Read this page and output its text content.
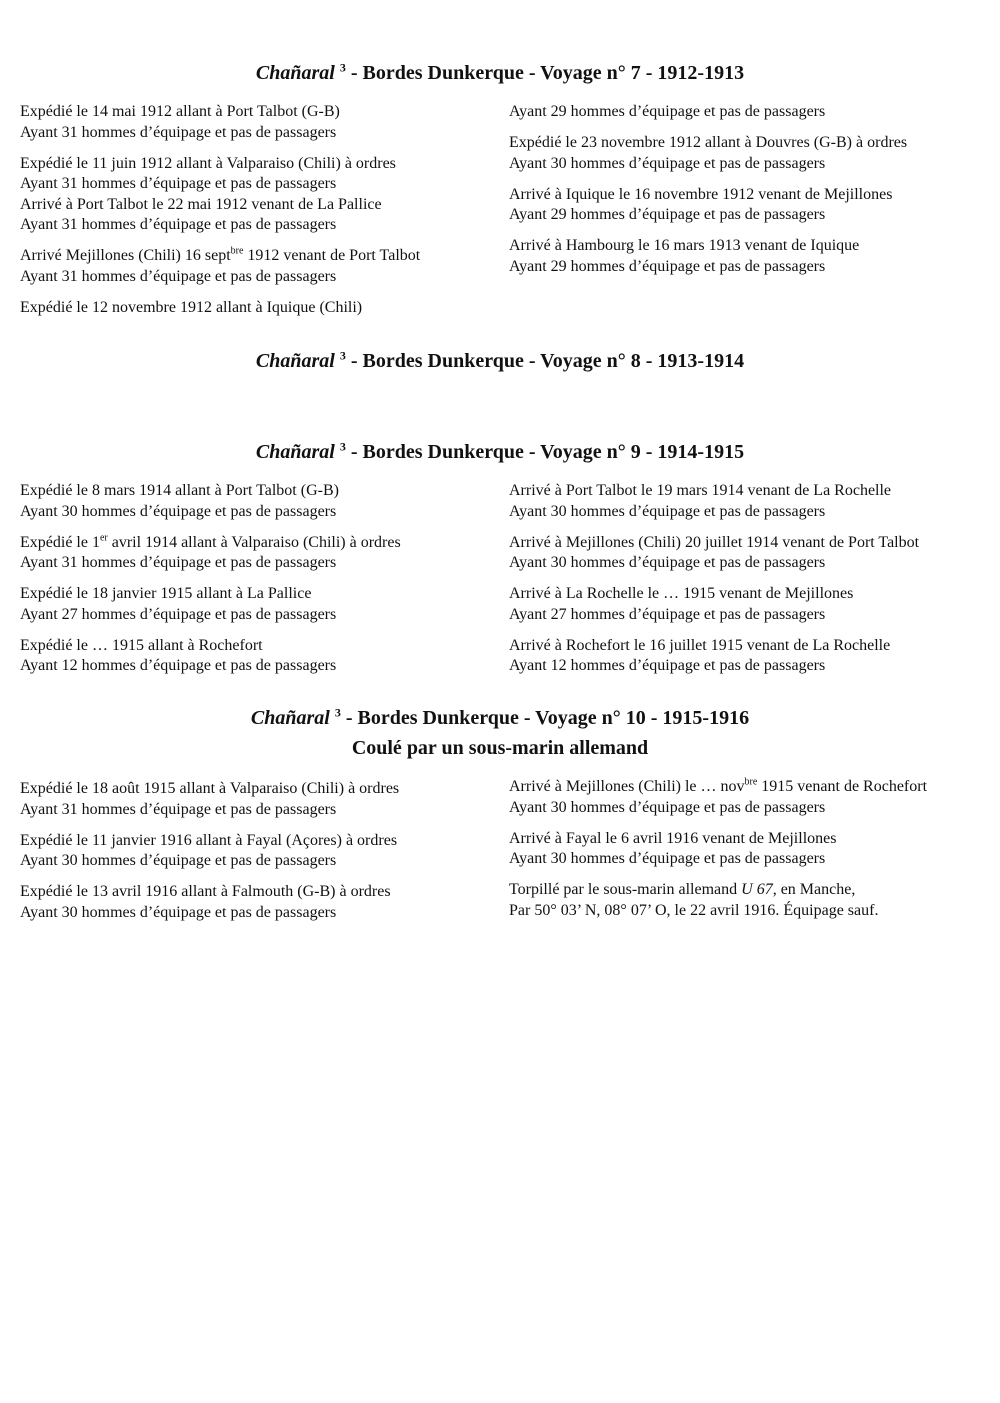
Chañaral $^3$ - Bordes Dunkerque - Voyage n° 7 - 1912-1913

Expédié le 14 mai 1912 allant à Port Talbot (G-B)
Ayant 31 hommes d’équipage et pas de passagers

Expédié le 11 juin 1912 allant à Valparaiso (Chili) à ordres
Ayant 31 hommes d’équipage et pas de passagers

Arrivé à Port Talbot le 22 mai 1912 venant de La Pallice
Ayant 31 hommes d’équipage et pas de passagers

Arrivé Mejillones (Chili) 16 sept$^{bre}$ 1912 venant de Port Talbot
Ayant 31 hommes d’équipage et pas de passagers

Expédié le 12 novembre 1912 allant à Iquique (Chili)

Ayant 29 hommes d’équipage et pas de passagers

Expédié le 23 novembre 1912 allant à Douvres (G-B) à ordres
Ayant 30 hommes d’équipage et pas de passagers

Arrivé à Iquique le 16 novembre 1912 venant de Mejillones
Ayant 29 hommes d’équipage et pas de passagers

Arrivé à Hambourg le 16 mars 1913 venant de Iquique
Ayant 29 hommes d’équipage et pas de passagers

Chañaral $^3$ - Bordes Dunkerque - Voyage n° 8 - 1913-1914
Chañaral $^3$ - Bordes Dunkerque - Voyage n° 9 - 1914-1915

Expédié le 8 mars 1914 allant à Port Talbot (G-B)
Ayant 30 hommes d’équipage et pas de passagers

Expédié le 1er avril 1914 allant à Valparaiso (Chili) à ordres
Ayant 31 hommes d’équipage et pas de passagers

Expédié le 18 janvier 1915 allant à La Pallice
Ayant 27 hommes d’équipage et pas de passagers

Expédié le … 1915 allant à Rochefort
Ayant 12 hommes d’équipage et pas de passagers

Arrivé à Port Talbot le 19 mars 1914 venant de La Rochelle
Ayant 30 hommes d’équipage et pas de passagers

Arrivé à Mejillones (Chili) 20 juillet 1914 venant de Port Talbot
Ayant 30 hommes d’équipage et pas de passagers

Arrivé à La Rochelle le … 1915 venant de Mejillones
Ayant 27 hommes d’équipage et pas de passagers

Arrivé à Rochefort le 16 juillet 1915 venant de La Rochelle
Ayant 12 hommes d’équipage et pas de passagers

Chañaral $^3$ - Bordes Dunkerque - Voyage n° 10 - 1915-1916
Coulé par un sous-marin allemand

Expédié le 18 août 1915 allant à Valparaiso (Chili) à ordres
Ayant 31 hommes d’équipage et pas de passagers

Expédié le 11 janvier 1916 allant à Fayal (Açores) à ordres
Ayant 30 hommes d’équipage et pas de passagers

Expédié le 13 avril 1916 allant à Falmouth (G-B) à ordres
Ayant 30 hommes d’équipage et pas de passagers

Arrivé à Mejillones (Chili) le … nov$^{bre}$ 1915 venant de Rochefort
Ayant 30 hommes d’équipage et pas de passagers

Arrivé à Fayal le 6 avril 1916 venant de Mejillones
Ayant 30 hommes d’équipage et pas de passagers

Torpillé par le sous-marin allemand U 67, en Manche,
Par 50° 03’ N, 08° 07’ O, le 22 avril 1916. Équipage sauf.
